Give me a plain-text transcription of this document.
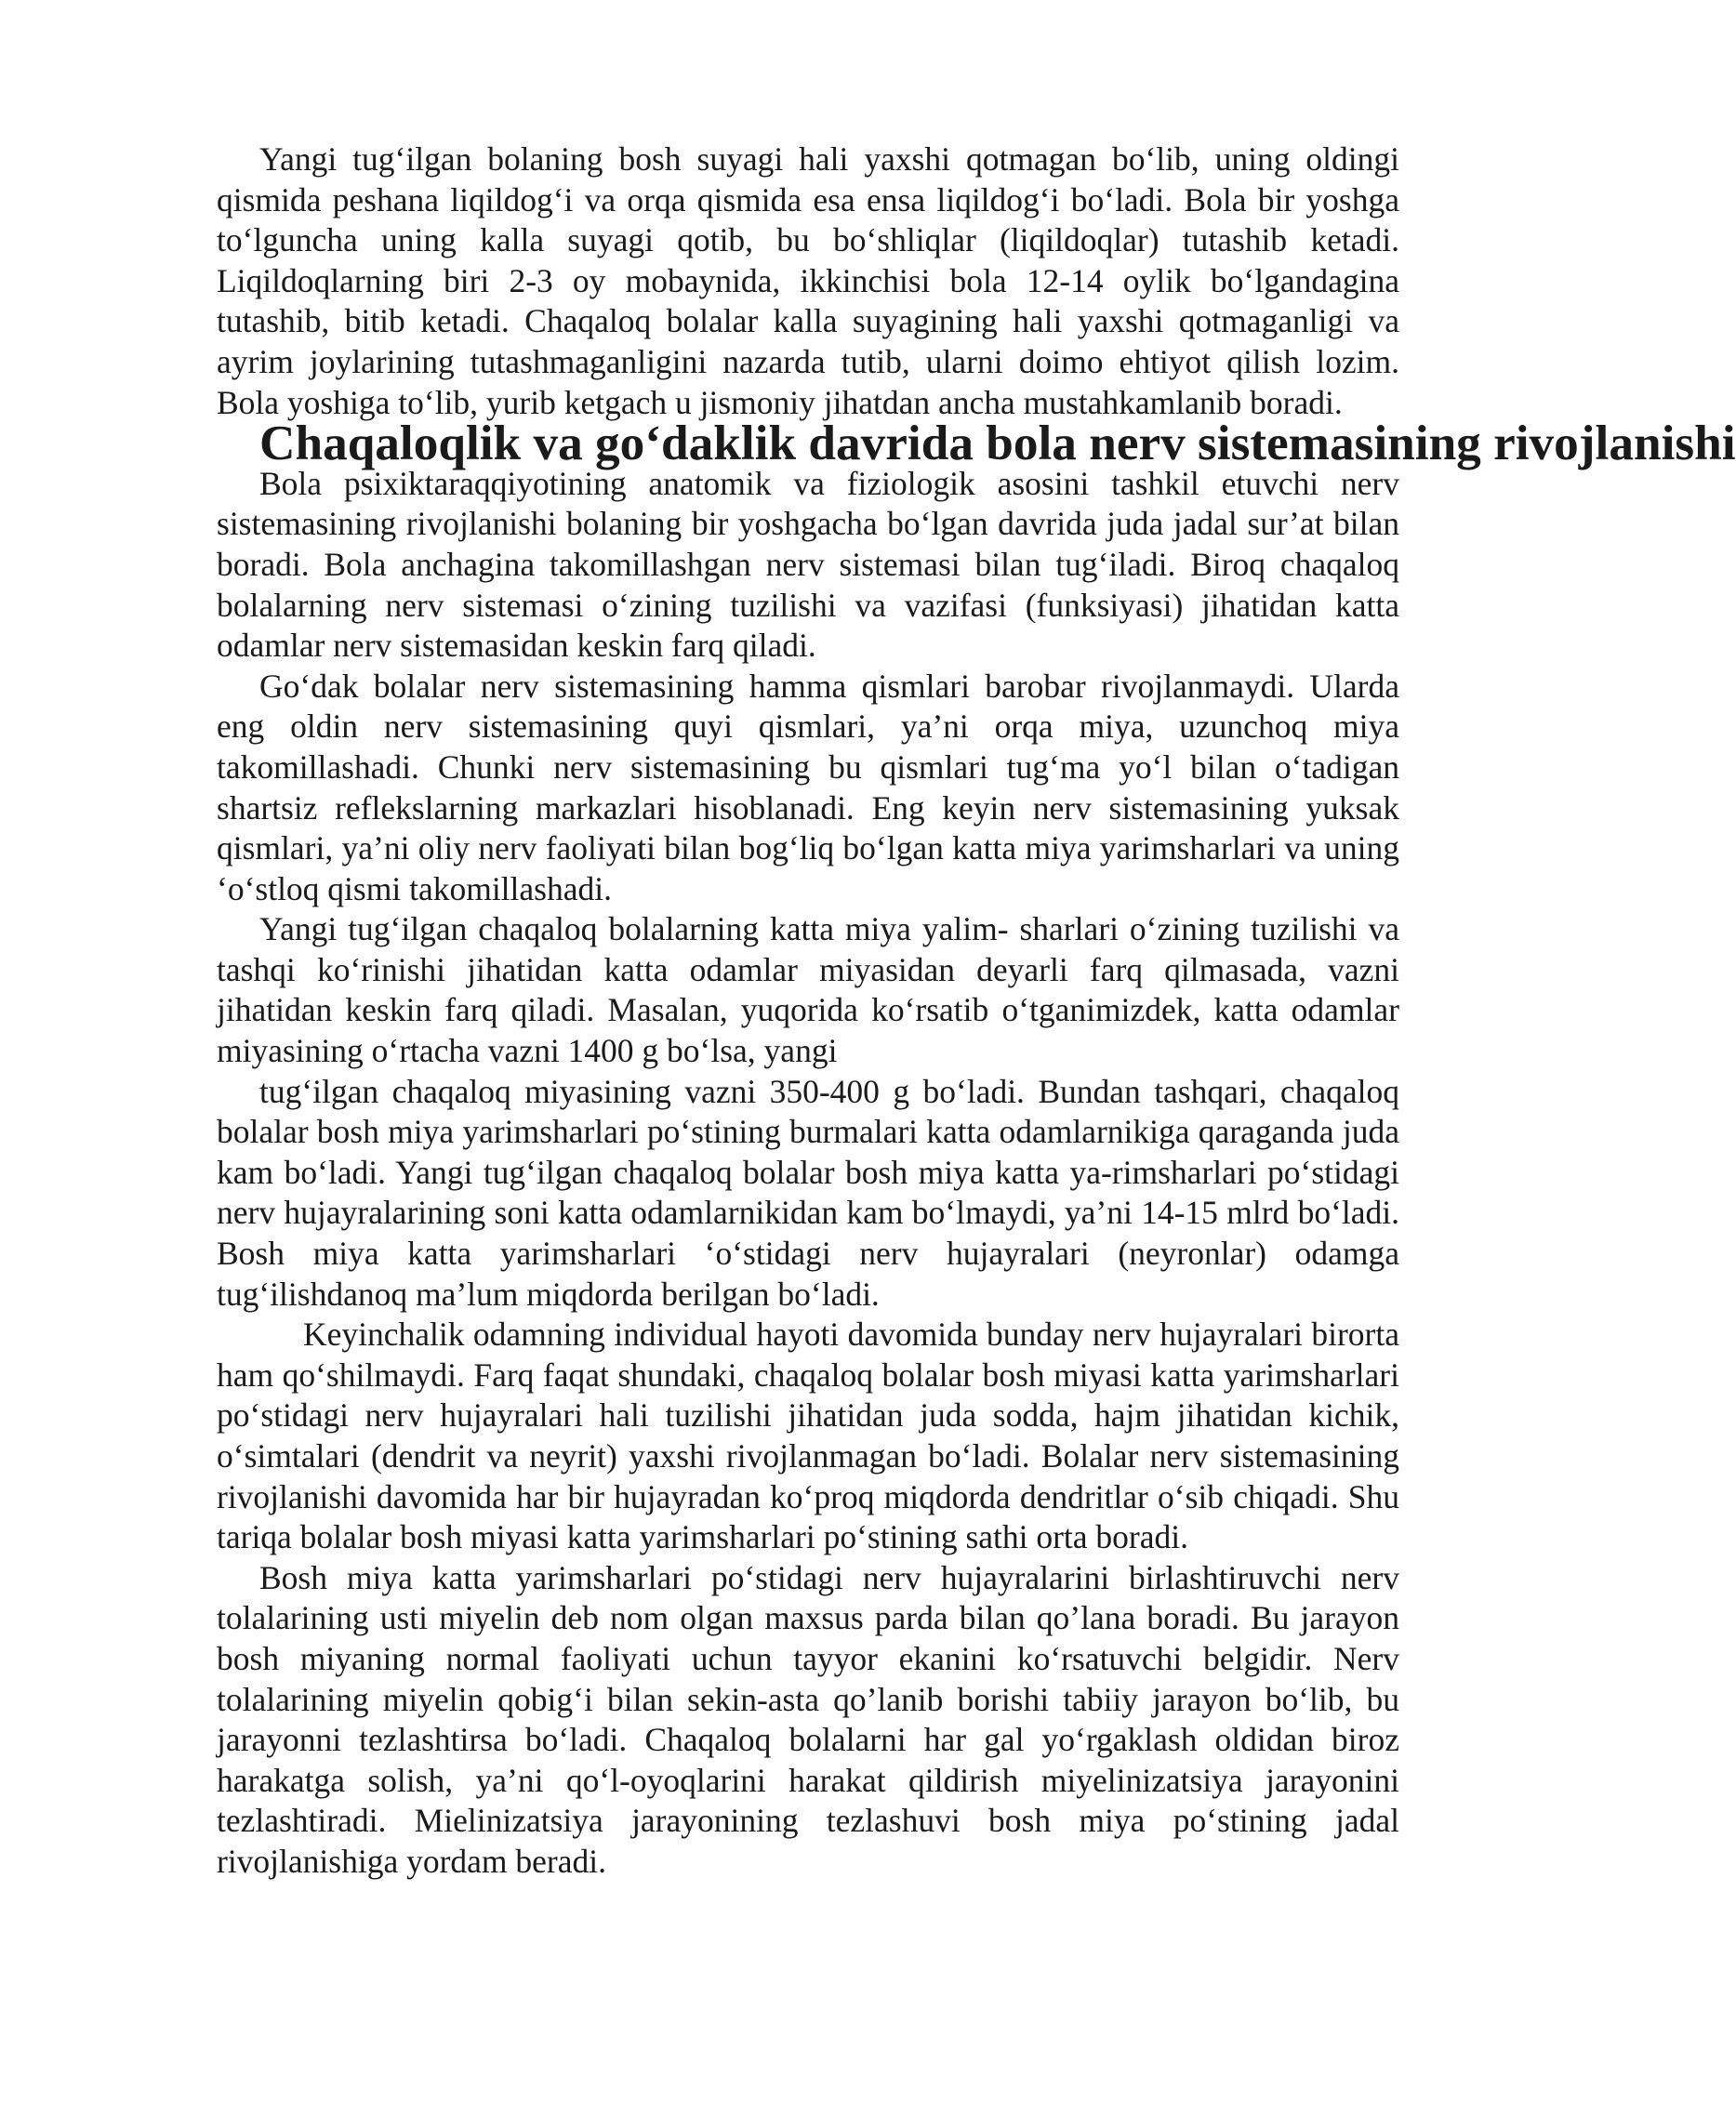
Yangi tug‘ilgan bolaning bosh suyagi hali yaxshi qotmagan bo‘lib, uning oldingi qismida peshana liqildog‘i va orqa qismida esa ensa liqildog‘i bo‘ladi. Bola bir yoshga to‘lguncha uning kalla suyagi qotib, bu bo‘shliqlar (liqildoqlar) tutashib ketadi. Liqildoqlarning biri 2-3 oy mobaynida, ikkinchisi bola 12-14 oylik bo‘lgandagina tutashib, bitib ketadi. Chaqaloq bolalar kalla suyagining hali yaxshi qotmaganligi va ayrim joylarining tutashmaganligini nazarda tutib, ularni doimo ehtiyot qilish lozim. Bola yoshiga to‘lib, yurib ketgach u jismoniy jihatdan ancha mustahkamlanib boradi.

Chaqaloqlik va go‘daklik davrida bola nerv sistemasining rivojlanishi

Bola psixiktaraqqiyotining anatomik va fiziologik asosini tashkil etuvchi nerv sistemasining rivojlanishi bolaning bir yoshgacha bo‘lgan davrida juda jadal sur’at bilan boradi. Bola anchagina takomillashgan nerv sistemasi bilan tug‘iladi. Biroq chaqaloq bolalarning nerv sistemasi o‘zining tuzilishi va vazifasi (funksiyasi) jihatidan katta odamlar nerv sistemasidan keskin farq qiladi.

Go‘dak bolalar nerv sistemasining hamma qismlari barobar rivojlanmaydi. Ularda eng oldin nerv sistemasining quyi qismlari, ya’ni orqa miya, uzunchoq miya takomillashadi. Chunki nerv sistemasining bu qismlari tug‘ma yo‘l bilan o‘tadigan shartsiz reflekslarning markazlari hisoblanadi. Eng keyin nerv sistemasining yuksak qismlari, ya’ni oliy nerv faoliyati bilan bog‘liq bo‘lgan katta miya yarimsharlari va uning ‘o‘stloq qismi takomillashadi.

Yangi tug‘ilgan chaqaloq bolalarning katta miya yalim- sharlari o‘zining tuzilishi va tashqi ko‘rinishi jihatidan katta odamlar miyasidan deyarli farq qilmasada, vazni jihatidan keskin farq qiladi. Masalan, yuqorida ko‘rsatib o‘tganimizdek, katta odamlar miyasining o‘rtacha vazni 1400 g bo‘lsa, yangi

tug‘ilgan chaqaloq miyasining vazni 350-400 g bo‘ladi. Bundan tashqari, chaqaloq bolalar bosh miya yarimsharlari po‘stining burmalari katta odamlarnikiga qaraganda juda kam bo‘ladi. Yangi tug‘ilgan chaqaloq bolalar bosh miya katta ya-rimsharlari po‘stidagi nerv hujayralarining soni katta odamlarnikidan kam bo‘lmaydi, ya’ni 14-15 mlrd bo‘ladi. Bosh miya katta yarimsharlari ‘o‘stidagi nerv hujayralari (neyronlar) odamga tug‘ilishdanoq ma’lum miqdorda berilgan bo‘ladi.

Keyinchalik odamning individual hayoti davomida bunday nerv hujayralari birorta ham qo‘shilmaydi. Farq faqat shundaki, chaqaloq bolalar bosh miyasi katta yarimsharlari po‘stidagi nerv hujayralari hali tuzilishi jihatidan juda sodda, hajm jihatidan kichik, o‘simtalari (dendrit va neyrit) yaxshi rivojlanmagan bo‘ladi. Bolalar nerv sistemasining rivojlanishi davomida har bir hujayradan ko‘proq miqdorda dendritlar o‘sib chiqadi. Shu tariqa bolalar bosh miyasi katta yarimsharlari po‘stining sathi orta boradi.

Bosh miya katta yarimsharlari po‘stidagi nerv hujayralarini birlashtiruvchi nerv tolalarining usti miyelin deb nom olgan maxsus parda bilan qo’lana boradi. Bu jarayon bosh miyaning normal faoliyati uchun tayyor ekanini ko‘rsatuvchi belgidir. Nerv tolalarining miyelin qobig‘i bilan sekin-asta qo’lanib borishi tabiiy jarayon bo‘lib, bu jarayonni tezlashtirsa bo‘ladi. Chaqaloq bolalarni har gal yo‘rgaklash oldidan biroz harakatga solish, ya’ni qo‘l-oyoqlarini harakat qildirish miyelinizatsiya jarayonini tezlashtiradi. Mielinizatsiya jarayonining tezlashuvi bosh miya po‘stining jadal rivojlanishiga yordam beradi.
